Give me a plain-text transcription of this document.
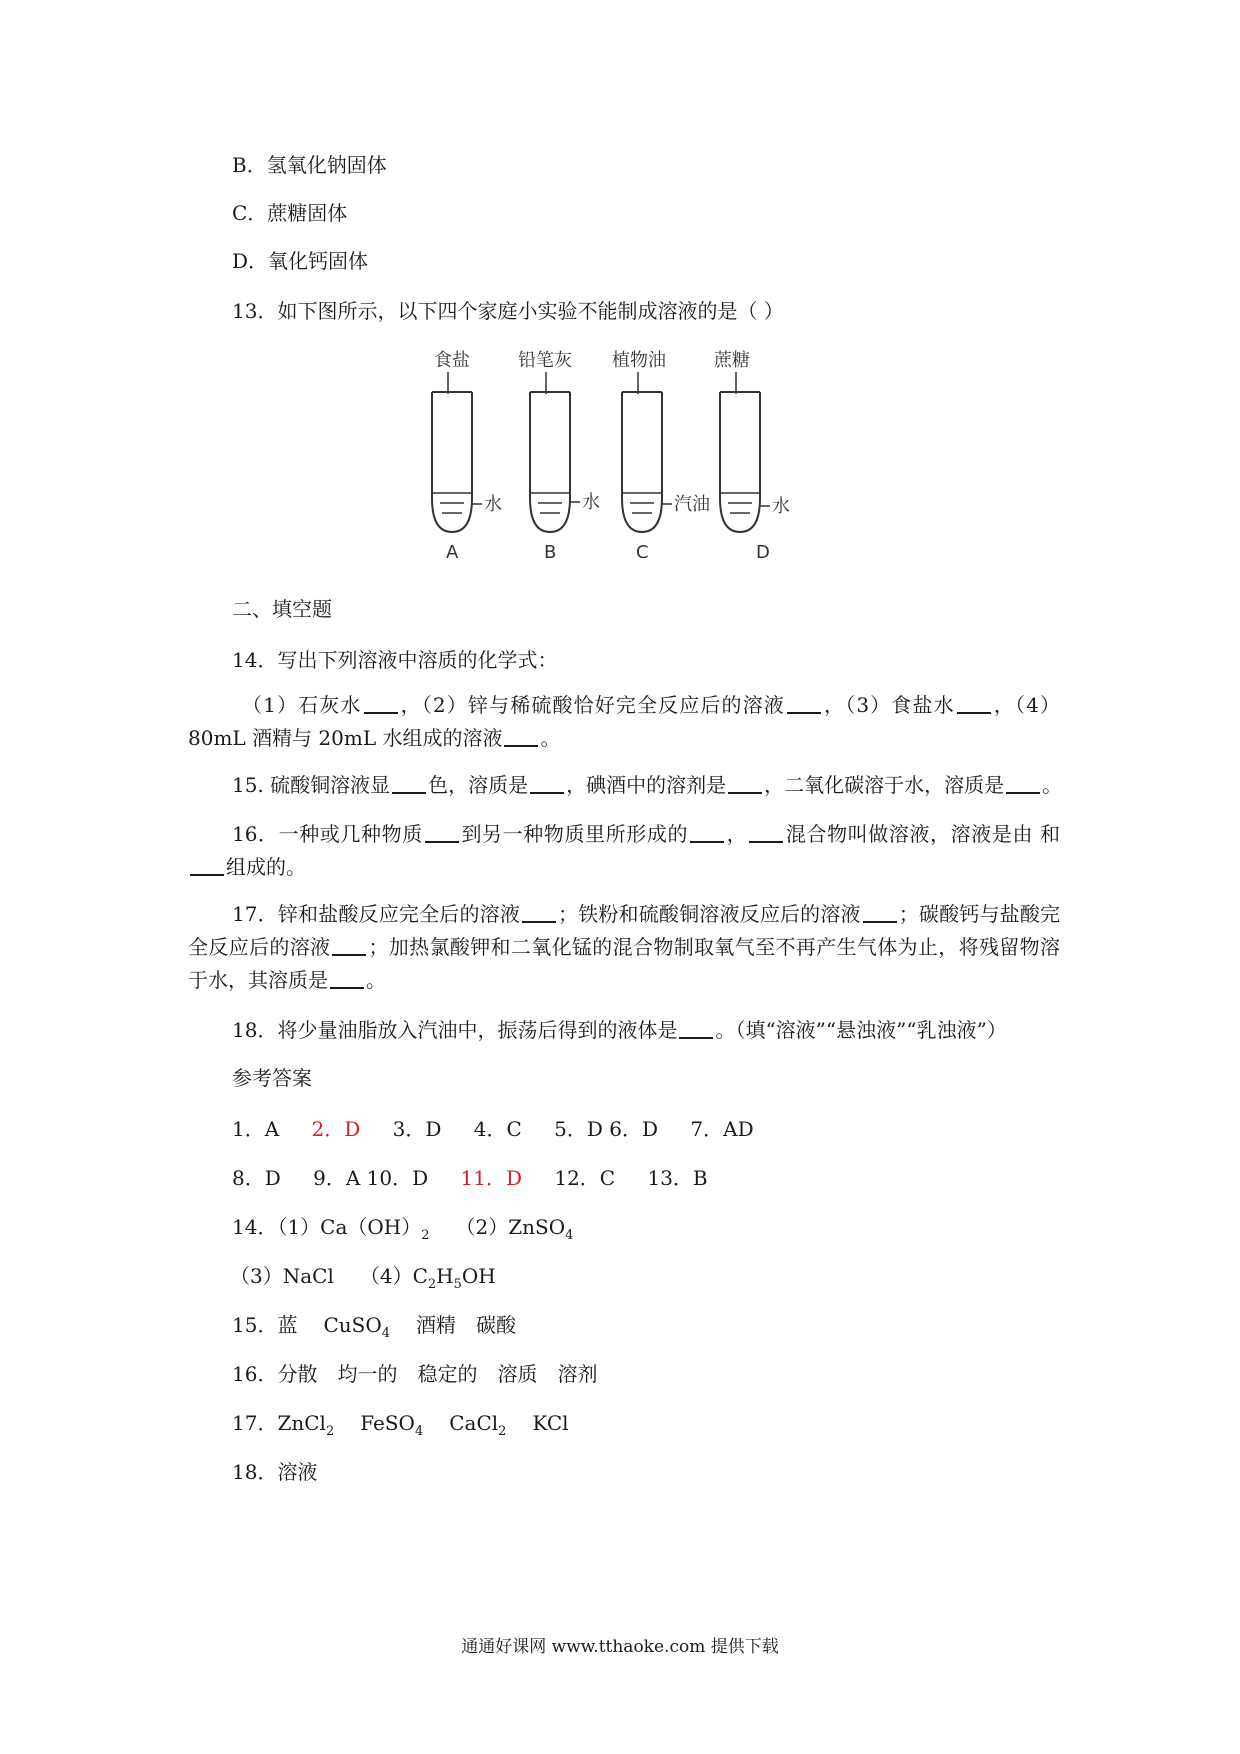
B．氢氧化钠固体
C．蔗糖固体
D．氧化钙固体
13．如下图所示，以下四个家庭小实验不能制成溶液的是（ ）
食盐
水
A
铅笔灰
水
B
植物油
汽油
C
蔗糖
水
D
二、填空题
14．写出下列溶液中溶质的化学式：
（1）石灰水 ，（2）锌与稀硫酸恰好完全反应后的溶液 ，（3）食盐水 ，（4）80mL 酒精与 20mL 水组成的溶液 。
15. 硫酸铜溶液显 色，溶质是 ，碘酒中的溶剂是 ，二氧化碳溶于水，溶质是 。
16．一种或几种物质 到另一种物质里所形成的 ， 混合物叫做溶液，溶液是由 和组成的。
17．锌和盐酸反应完全后的溶液 ；铁粉和硫酸铜溶液反应后的溶液 ；碳酸钙与盐酸完全反应后的溶液 ；加热氯酸钾和二氧化锰的混合物制取氧气至不再产生气体为止，将残留物溶于水，其溶质是 。
18．将少量油脂放入汽油中，振荡后得到的液体是 。（填“溶液”“悬浊液”“乳浊液”）
参考答案
1．A 2．D 3．D 4．C 5．D 6．D 7．AD
8．D 9．A 10．D 11．D 12．C 13．B
14．$(1)Ca(OH)_2$ （2）ZnSO$_4$
（3）NaCl $(4)C_2H_5OH$
15．蓝 CuSO$_4$ 酒精　碳酸
16．分散　均一的　稳定的　溶质　溶剂
17．ZnCl$_2$ FeSO$_4$ CaCl$_2$ KCl
18．溶液
通通好课网 www.tthaoke.com 提供下载
